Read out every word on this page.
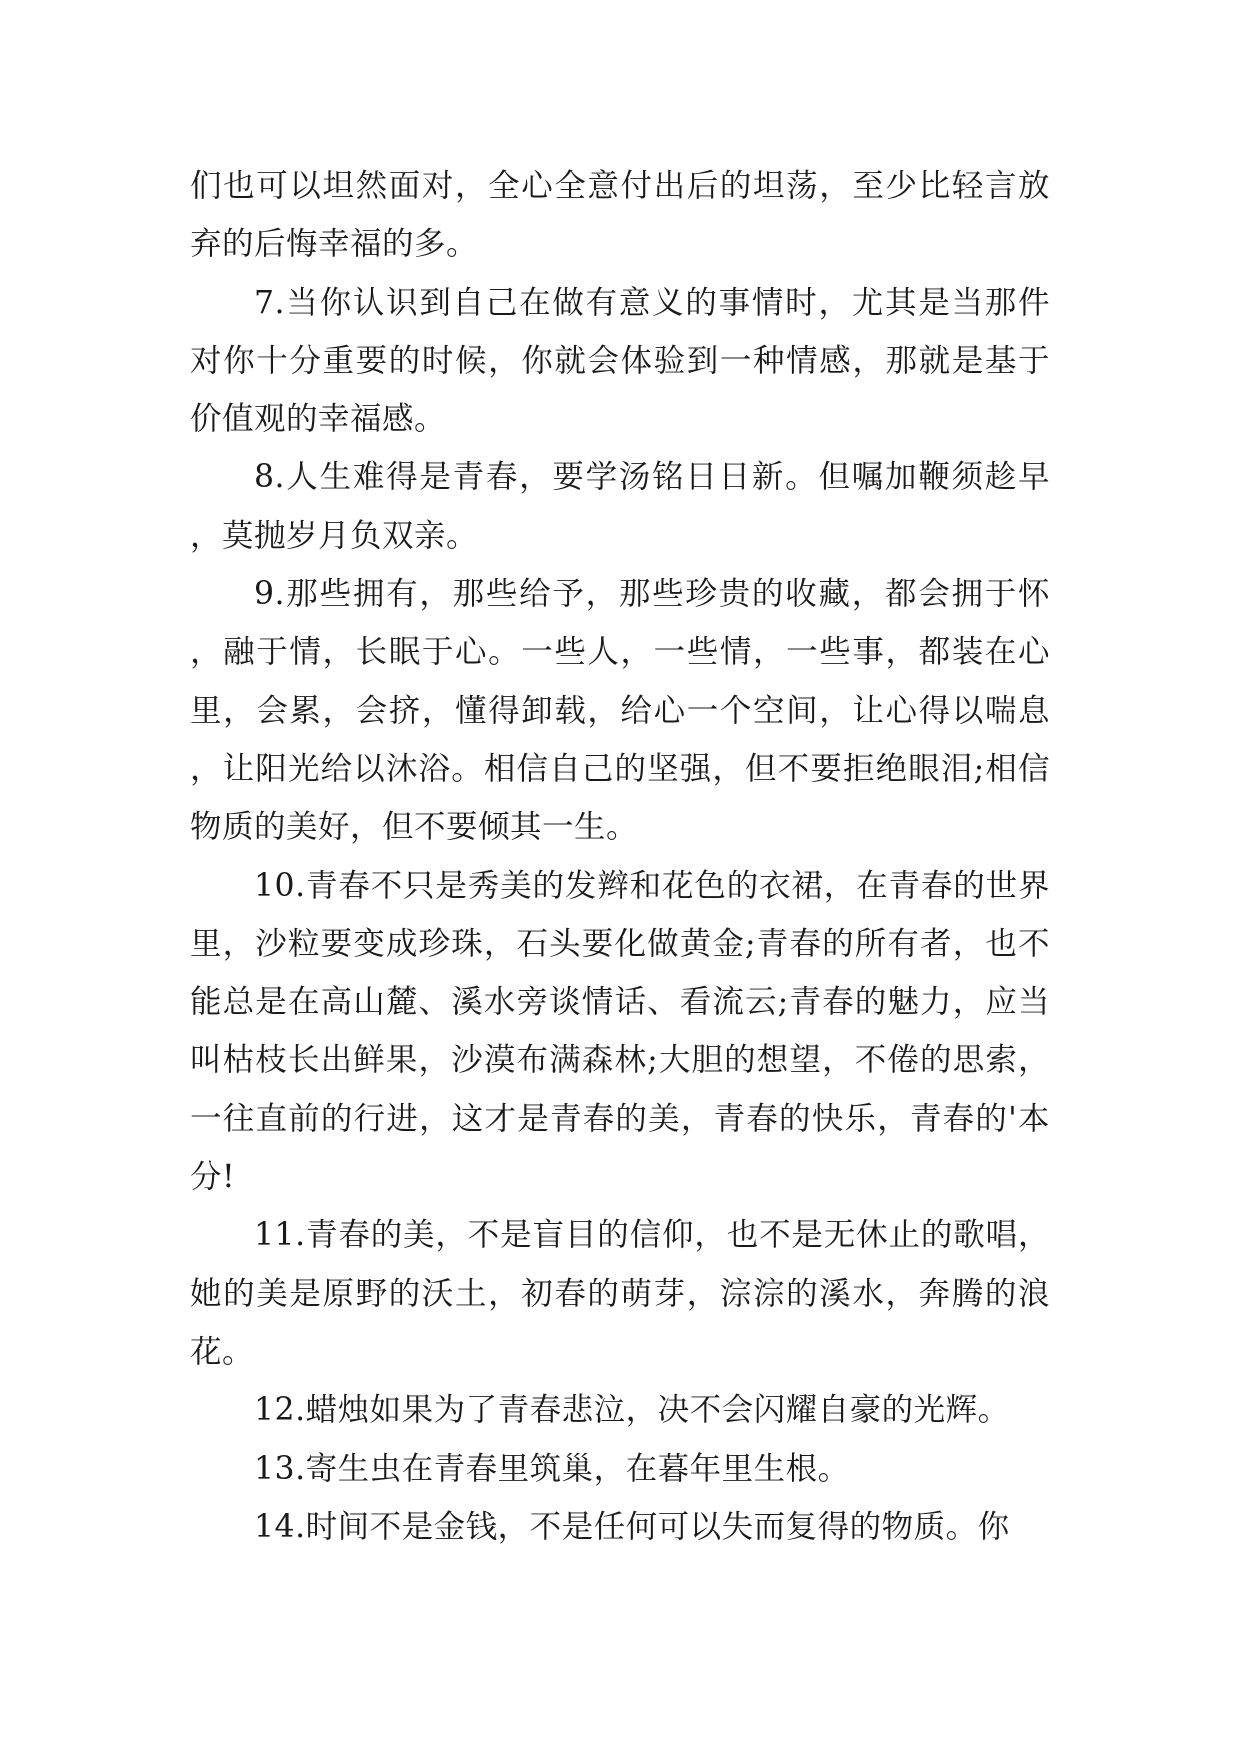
们也可以坦然面对，全心全意付出后的坦荡，至少比轻言放弃的后悔幸福的多。

7.当你认识到自己在做有意义的事情时，尤其是当那件对你十分重要的时候，你就会体验到一种情感，那就是基于价值观的幸福感。

8.人生难得是青春，要学汤铭日日新。但嘱加鞭须趁早，莫抛岁月负双亲。

9.那些拥有，那些给予，那些珍贵的收藏，都会拥于怀，融于情，长眠于心。一些人，一些情，一些事，都装在心里，会累，会挤，懂得卸载，给心一个空间，让心得以喘息，让阳光给以沐浴。相信自己的坚强，但不要拒绝眼泪;相信物质的美好，但不要倾其一生。

10.青春不只是秀美的发辫和花色的衣裙，在青春的世界里，沙粒要变成珍珠，石头要化做黄金;青春的所有者，也不能总是在高山麓、溪水旁谈情话、看流云;青春的魅力，应当叫枯枝长出鲜果，沙漠布满森林;大胆的想望，不倦的思索，一往直前的行进，这才是青春的美，青春的快乐，青春的'本分!

11.青春的美，不是盲目的信仰，也不是无休止的歌唱，她的美是原野的沃土，初春的萌芽，淙淙的溪水，奔腾的浪花。

12.蜡烛如果为了青春悲泣，决不会闪耀自豪的光辉。

13.寄生虫在青春里筑巢，在暮年里生根。

14.时间不是金钱，不是任何可以失而复得的物质。你
